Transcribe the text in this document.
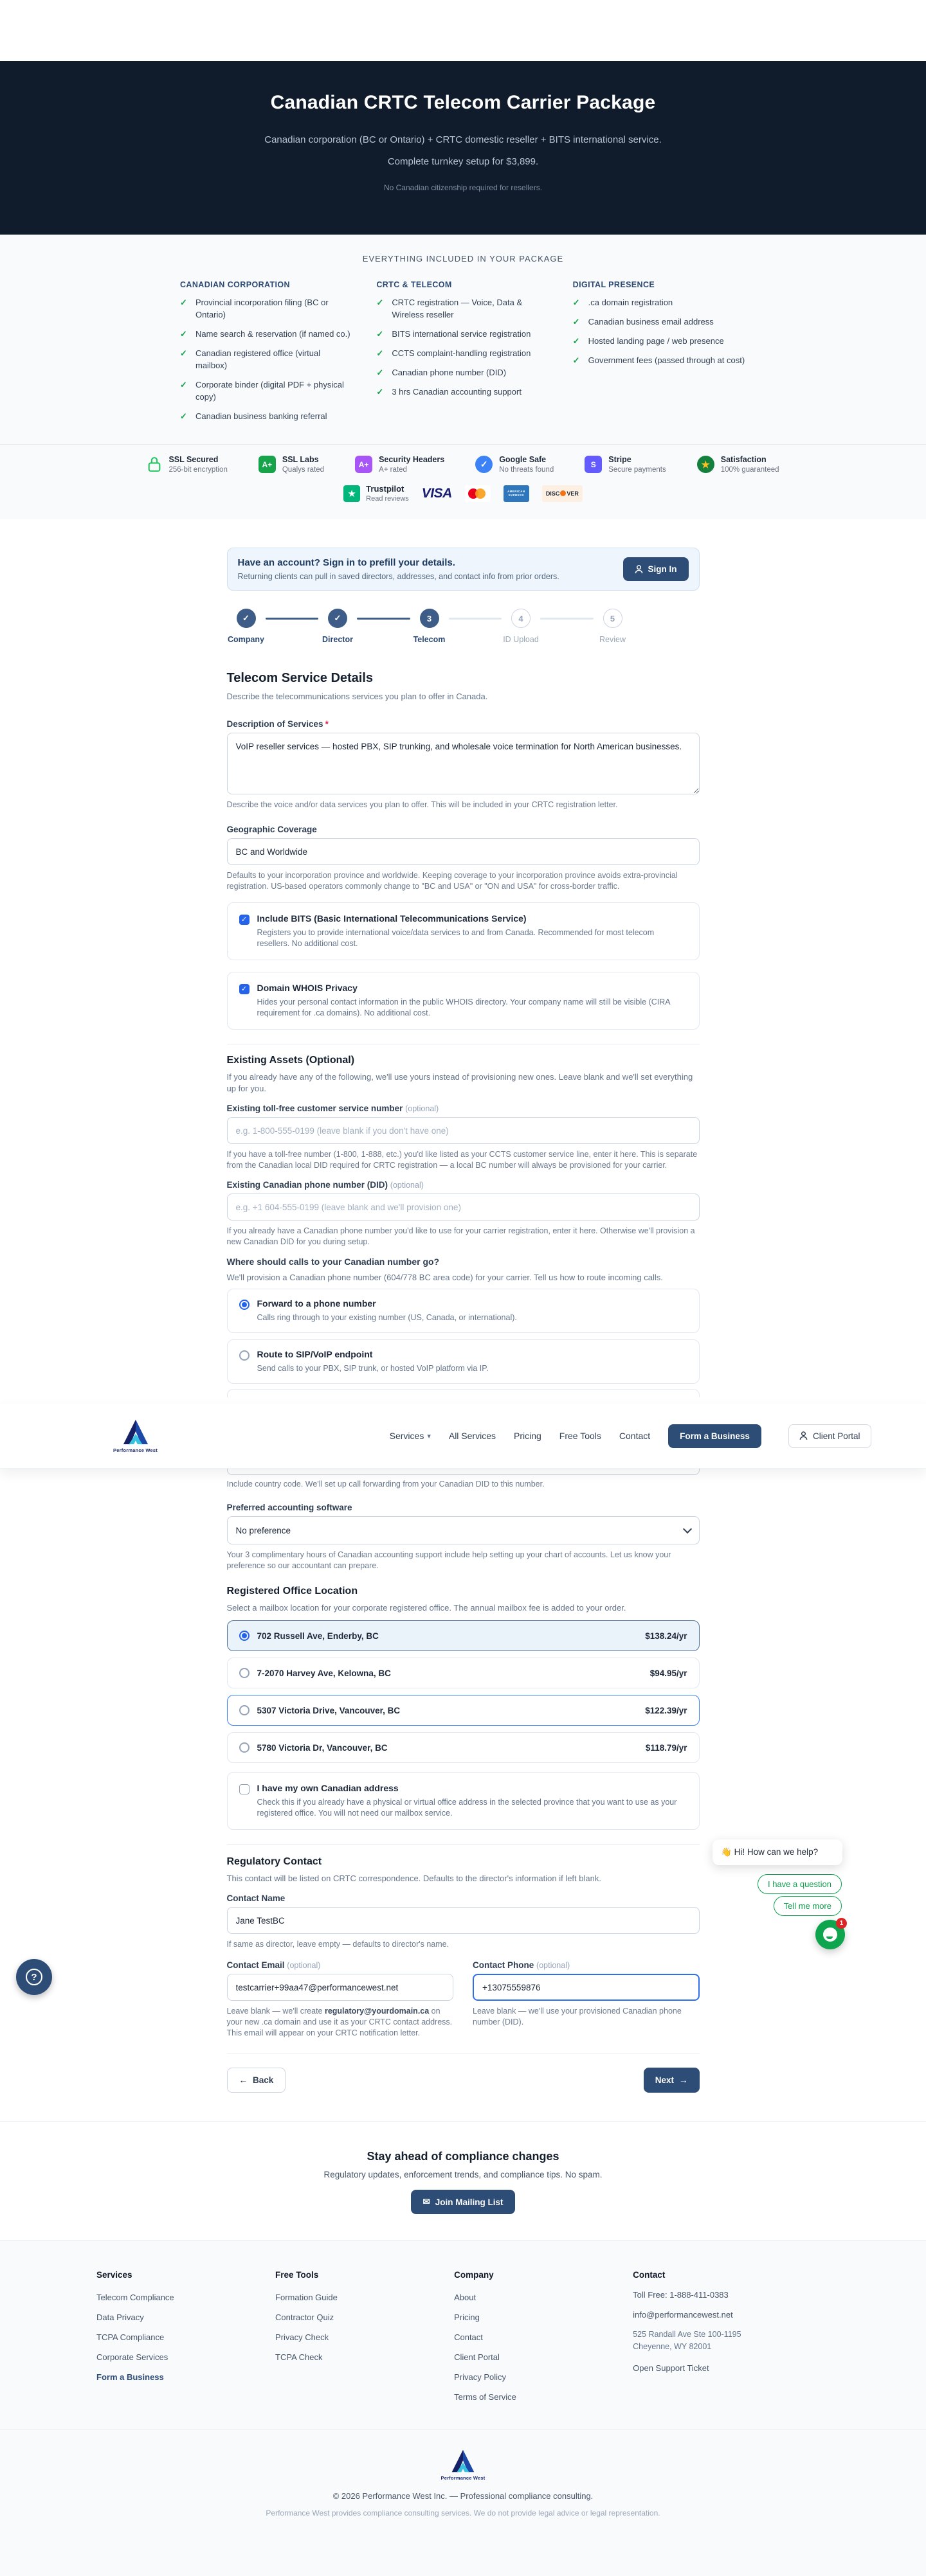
Canadian CRTC Telecom Carrier Package
Canadian corporation (BC or Ontario) + CRTC domestic reseller + BITS international service. Complete turnkey setup for $3,899.
No Canadian citizenship required for resellers.
EVERYTHING INCLUDED IN YOUR PACKAGE
CANADIAN CORPORATION
✓ Provincial incorporation filing (BC or Ontario)
✓ Name search & reservation (if named co.)
✓ Canadian registered office (virtual mailbox)
✓ Corporate binder (digital PDF + physical copy)
✓ Canadian business banking referral
CRTC & TELECOM
✓ CRTC registration — Voice, Data & Wireless reseller
✓ BITS international service registration
✓ CCTS complaint-handling registration
✓ Canadian phone number (DID)
✓ 3 hrs Canadian accounting support
DIGITAL PRESENCE
✓ .ca domain registration
✓ Canadian business email address
✓ Hosted landing page / web presence
✓ Government fees (passed through at cost)
SSL Secured
256-bit encryption
A+
SSL Labs
Qualys rated
A+
Security Headers
A+ rated
✓	Google Safe
No threats found
S
Stripe
Secure payments	★ Satisfaction
100% guaranteed
★	Trustpilot
Read reviews VISA	AMERICAN
EXPRESS	DISC VER
Have an account? Sign in to prefill your details.
Returning clients can pull in saved directors, addresses, and contact info from prior orders.
Sign In
✓
Company
✓
Director
3
Telecom
4
ID Upload
5
Review
Telecom Service Details
Describe the telecommunications services you plan to offer in Canada.
Description of Services *
VoIP reseller services — hosted PBX, SIP trunking, and wholesale voice termination for North American businesses.
Describe the voice and/or data services you plan to offer. This will be included in your CRTC registration letter.
Geographic Coverage
BC and Worldwide
Defaults to your incorporation province and worldwide. Keeping coverage to your incorporation province avoids extra-provincial registration. US-based operators commonly change to "BC and USA" or "ON and USA" for cross-border traffic.
✓ Include BITS (Basic International Telecommunications Service)
Registers you to provide international voice/data services to and from Canada. Recommended for most telecom resellers. No additional cost.
✓ Domain WHOIS Privacy
Hides your personal contact information in the public WHOIS directory. Your company name will still be visible (CIRA requirement for .ca domains). No additional cost.
Existing Assets (Optional)
If you already have any of the following, we'll use yours instead of provisioning new ones. Leave blank and we'll set everything up for you.
Existing toll-free customer service number (optional)
e.g. 1-800-555-0199 (leave blank if you don't have one)
If you have a toll-free number (1-800, 1-888, etc.) you'd like listed as your CCTS customer service line, enter it here. This is separate from the Canadian local DID required for CRTC registration — a local BC number will always be provisioned for your carrier.
Existing Canadian phone number (DID) (optional)
e.g. +1 604-555-0199 (leave blank and we'll provision one)
If you already have a Canadian phone number you'd like to use for your carrier registration, enter it here. Otherwise we'll provision a new Canadian DID for you during setup.
Where should calls to your Canadian number go?
We'll provision a Canadian phone number (604/778 BC area code) for your carrier. Tell us how to route incoming calls.
Forward to a phone number
Calls ring through to your existing number (US, Canada, or international).
Route to SIP/VoIP endpoint
Send calls to your PBX, SIP trunk, or hosted VoIP platform via IP.
Performance West
Services ▾ All Services Pricing Free Tools Contact	Form a Business	Client Portal
Include country code. We'll set up call forwarding from your Canadian DID to this number.
Preferred accounting software
No preference
Your 3 complimentary hours of Canadian accounting support include help setting up your chart of accounts. Let us know your preference so our accountant can prepare.
Registered Office Location
Select a mailbox location for your corporate registered office. The annual mailbox fee is added to your order.
702 Russell Ave, Enderby, BC	$138.24/yr
7-2070 Harvey Ave, Kelowna, BC	$94.95/yr
5307 Victoria Drive, Vancouver, BC	$122.39/yr
5780 Victoria Dr, Vancouver, BC	$118.79/yr
I have my own Canadian address
Check this if you already have a physical or virtual office address in the selected province that you want to use as your registered office. You will not need our mailbox service.
Regulatory Contact
This contact will be listed on CRTC correspondence. Defaults to the director's information if left blank.
Contact Name
Jane TestBC
If same as director, leave empty — defaults to director's name.
Contact Email (optional)
testcarrier+99aa47@performancewest.net
Leave blank — we'll create regulatory@yourdomain.ca on your new .ca domain and use it as your CRTC contact address. This email will appear on your CRTC notification letter.
Contact Phone (optional)
+13075559876
Leave blank — we'll use your provisioned Canadian phone number (DID).
← Back	Next →
Stay ahead of compliance changes
Regulatory updates, enforcement trends, and compliance tips. No spam.
✉ Join Mailing List
Services
Telecom Compliance
Data Privacy
TCPA Compliance
Corporate Services
Form a Business
Free Tools
Formation Guide
Contractor Quiz
Privacy Check
TCPA Check
Company
About
Pricing
Contact
Client Portal
Privacy Policy
Terms of Service
Contact
Toll Free: 1-888-411-0383
info@performancewest.net
525 Randall Ave Ste 100-1195
Cheyenne, WY 82001
Open Support Ticket
Performance West
© 2026 Performance West Inc. — Professional compliance consulting.
Performance West provides compliance consulting services. We do not provide legal advice or legal representation.
?
👋 Hi! How can we help?
I have a question
Tell me more
1
